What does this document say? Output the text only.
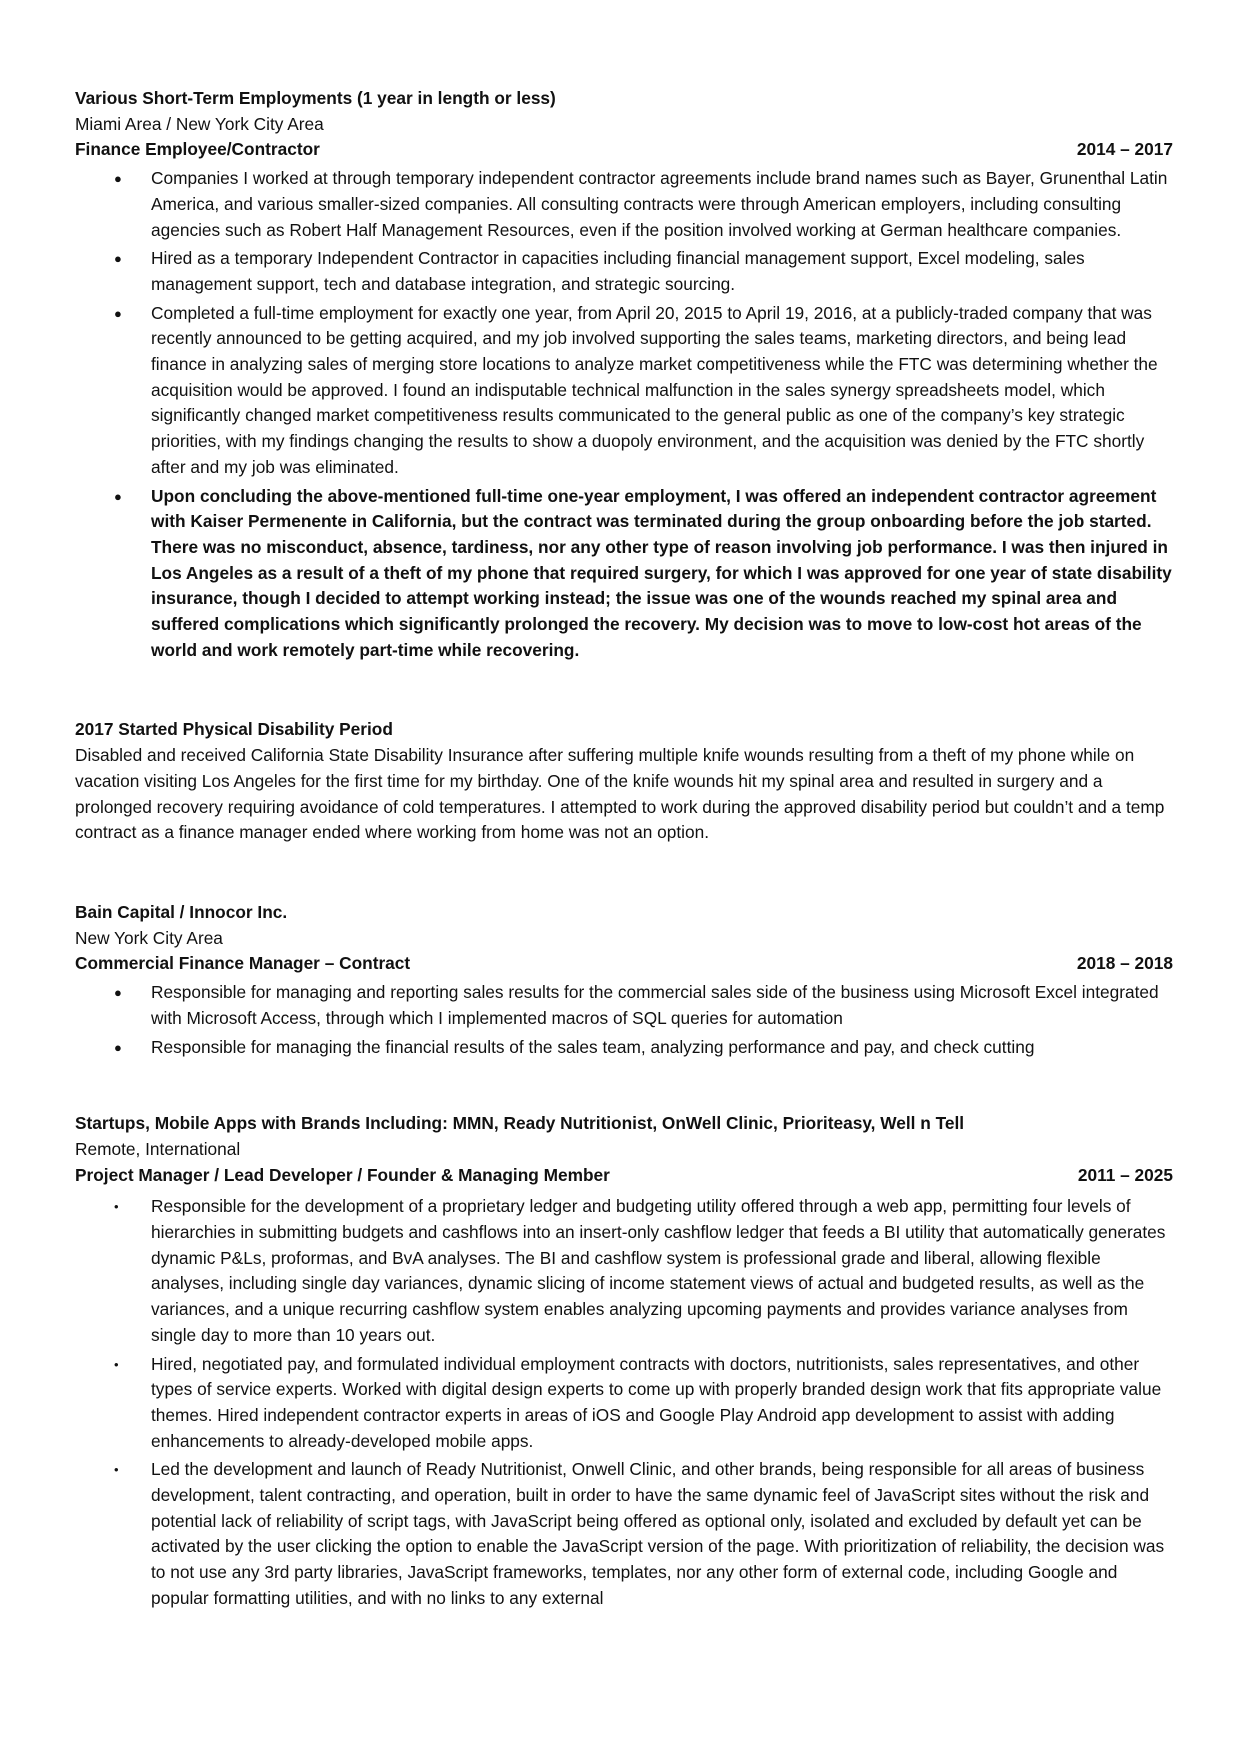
Various Short-Term Employments (1 year in length or less)
Miami Area / New York City Area
Finance Employee/Contractor	2014 – 2017
● Companies I worked at through temporary independent contractor agreements include brand names such as Bayer, Grunenthal Latin America, and various smaller-sized companies. All consulting contracts were through American employers, including consulting agencies such as Robert Half Management Resources, even if the position involved working at German healthcare companies.
● Hired as a temporary Independent Contractor in capacities including financial management support, Excel modeling, sales management support, tech and database integration, and strategic sourcing.
● Completed a full-time employment for exactly one year, from April 20, 2015 to April 19, 2016, at a publicly-traded company that was recently announced to be getting acquired, and my job involved supporting the sales teams, marketing directors, and being lead finance in analyzing sales of merging store locations to analyze market competitiveness while the FTC was determining whether the acquisition would be approved. I found an indisputable technical malfunction in the sales synergy spreadsheets model, which significantly changed market competitiveness results communicated to the general public as one of the company’s key strategic priorities, with my findings changing the results to show a duopoly environment, and the acquisition was denied by the FTC shortly after and my job was eliminated.
● Upon concluding the above-mentioned full-time one-year employment, I was offered an independent contractor agreement with Kaiser Permenente in California, but the contract was terminated during the group onboarding before the job started. There was no misconduct, absence, tardiness, nor any other type of reason involving job performance. I was then injured in Los Angeles as a result of a theft of my phone that required surgery, for which I was approved for one year of state disability insurance, though I decided to attempt working instead; the issue was one of the wounds reached my spinal area and suffered complications which significantly prolonged the recovery. My decision was to move to low-cost hot areas of the world and work remotely part-time while recovering.
2017 Started Physical Disability Period

Disabled and received California State Disability Insurance after suffering multiple knife wounds resulting from a theft of my phone while on vacation visiting Los Angeles for the first time for my birthday. One of the knife wounds hit my spinal area and resulted in surgery and a prolonged recovery requiring avoidance of cold temperatures. I attempted to work during the approved disability period but couldn’t and a temp contract as a finance manager ended where working from home was not an option.

Bain Capital / Innocor Inc.
New York City Area
Commercial Finance Manager – Contract	2018 – 2018
● Responsible for managing and reporting sales results for the commercial sales side of the business using Microsoft Excel integrated with Microsoft Access, through which I implemented macros of SQL queries for automation
● Responsible for managing the financial results of the sales team, analyzing performance and pay, and check cutting
Startups, Mobile Apps with Brands Including: MMN, Ready Nutritionist, OnWell Clinic, Prioriteasy, Well n Tell
Remote, International
Project Manager / Lead Developer / Founder & Managing Member	2011 – 2025
• Responsible for the development of a proprietary ledger and budgeting utility offered through a web app, permitting four levels of hierarchies in submitting budgets and cashflows into an insert-only cashflow ledger that feeds a BI utility that automatically generates dynamic P&Ls, proformas, and BvA analyses. The BI and cashflow system is professional grade and liberal, allowing flexible analyses, including single day variances, dynamic slicing of income statement views of actual and budgeted results, as well as the variances, and a unique recurring cashflow system enables analyzing upcoming payments and provides variance analyses from single day to more than 10 years out.
• Hired, negotiated pay, and formulated individual employment contracts with doctors, nutritionists, sales representatives, and other types of service experts. Worked with digital design experts to come up with properly branded design work that fits appropriate value themes. Hired independent contractor experts in areas of iOS and Google Play Android app development to assist with adding enhancements to already-developed mobile apps.
• Led the development and launch of Ready Nutritionist, Onwell Clinic, and other brands, being responsible for all areas of business development, talent contracting, and operation, built in order to have the same dynamic feel of JavaScript sites without the risk and potential lack of reliability of script tags, with JavaScript being offered as optional only, isolated and excluded by default yet can be activated by the user clicking the option to enable the JavaScript version of the page. With prioritization of reliability, the decision was to not use any 3rd party libraries, JavaScript frameworks, templates, nor any other form of external code, including Google and popular formatting utilities, and with no links to any external
